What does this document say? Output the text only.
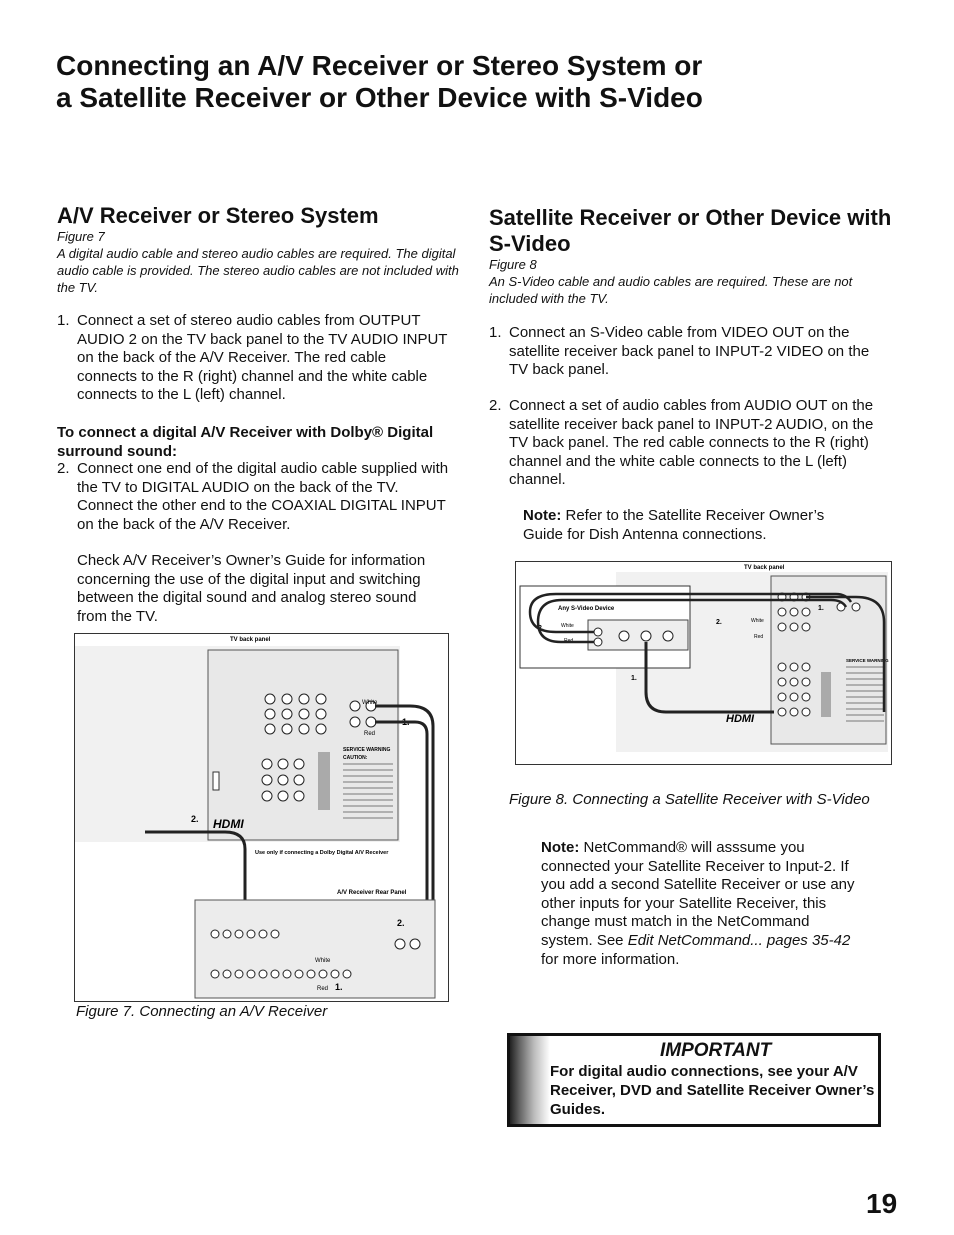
Connecting an A/V Receiver or Stereo System or
a Satellite Receiver or Other Device with S-Video
A/V Receiver or Stereo System
Figure 7
A digital audio cable and stereo audio cables are required. The digital audio cable is provided. The stereo audio cables are not included with the TV.
1. Connect a set of stereo audio cables from OUTPUT AUDIO 2 on the TV back panel to the TV AUDIO INPUT on the back of the A/V Receiver. The red cable connects to the R (right) channel and the white cable connects to the L (left) channel.
To connect a digital A/V Receiver with Dolby® Digital surround sound:
2. Connect one end of the digital audio cable supplied with the TV to DIGITAL AUDIO on the back of the TV. Connect the other end to the COAXIAL DIGITAL INPUT on the back of the A/V Receiver.
Check A/V Receiver’s Owner’s Guide for information concerning the use of the digital input and switching between the digital sound and analog stereo sound from the TV.
TV back panel
HDMI
SERVICE WARNING
CAUTION:
White
Red
1.
2.
Use only if connecting a Dolby Digital A/V Receiver
A/V Receiver Rear Panel
2.
White
Red 1.
Figure 7. Connecting an A/V Receiver
Satellite Receiver or Other Device with S-Video
Figure 8
An S-Video cable and audio cables are required. These are not included with the TV.
1. Connect an S-Video cable from VIDEO OUT on the satellite receiver back panel to INPUT-2 VIDEO on the TV back panel.
2. Connect a set of audio cables from AUDIO OUT on the satellite receiver back panel to INPUT-2 AUDIO, on the TV back panel. The red cable connects to the R (right) channel and the white cable connects to the L (left) channel.
Note: Refer to the Satellite Receiver Owner’s Guide for Dish Antenna connections.
TV back panel
HDMI
SERVICE WARNING
Any S-Video Device
2.	White
Red
1.
2.	White
Red
1.
Figure 8. Connecting a Satellite Receiver with S-Video
Note: NetCommand® will asssume you connected your Satellite Receiver to Input-2. If you add a second Satellite Receiver or use any other inputs for your Satellite Receiver, this change must match in the NetCommand system. See Edit NetCommand... pages 35-42 for more information.
IMPORTANT
For digital audio connections, see your A/V Receiver, DVD and Satellite Receiver Owner’s Guides.
19
